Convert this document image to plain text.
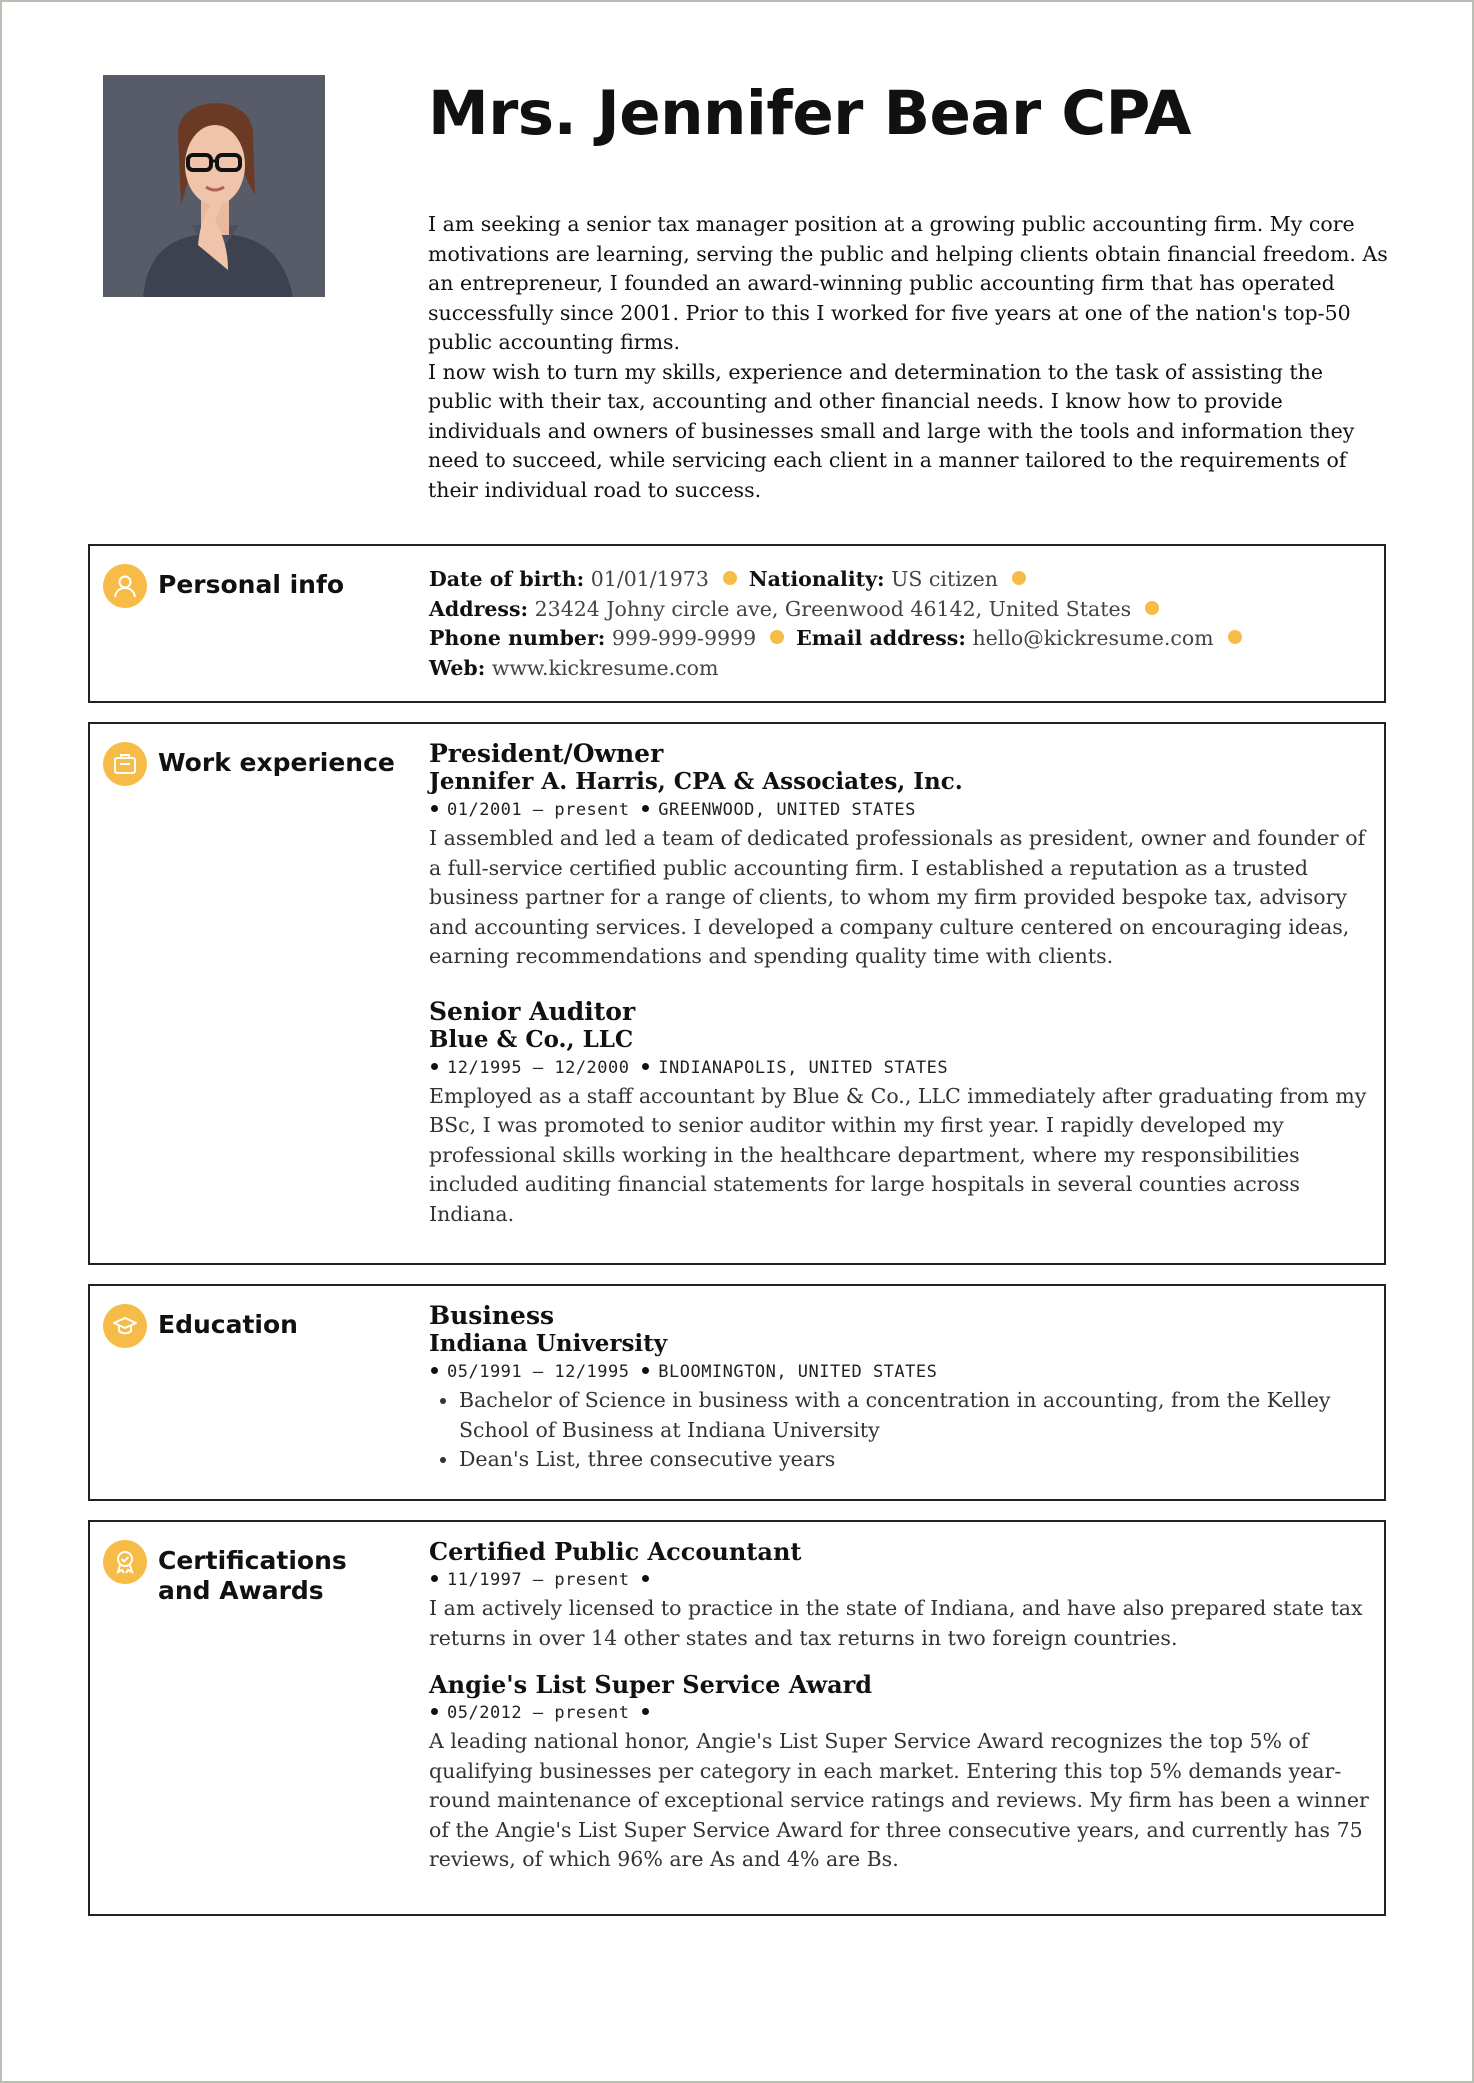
Mrs. Jennifer Bear CPA

I am seeking a senior tax manager position at a growing public accounting firm. My core motivations are learning, serving the public and helping clients obtain financial freedom. As an entrepreneur, I founded an award-winning public accounting firm that has operated successfully since 2001. Prior to this I worked for five years at one of the nation's top-50 public accounting firms.

I now wish to turn my skills, experience and determination to the task of assisting the public with their tax, accounting and other financial needs. I know how to provide individuals and owners of businesses small and large with the tools and information they need to succeed, while servicing each client in a manner tailored to the requirements of their individual road to success.

Personal info	Date of birth: 01/01/1973 Nationality: US citizen
Address: 23424 Johny circle ave, Greenwood 46142, United States
Phone number: 999-999-9999 Email address: hello@kickresume.com
Web: www.kickresume.com
Work experience President/Owner
Jennifer A. Harris, CPA & Associates, Inc.
01/2001 — present GREENWOOD, UNITED STATES
I assembled and led a team of dedicated professionals as president, owner and founder of a full-service certified public accounting firm. I established a reputation as a trusted business partner for a range of clients, to whom my firm provided bespoke tax, advisory and accounting services. I developed a company culture centered on encouraging ideas, earning recommendations and spending quality time with clients.
Senior Auditor
Blue & Co., LLC
12/1995 — 12/2000 INDIANAPOLIS, UNITED STATES
Employed as a staff accountant by Blue & Co., LLC immediately after graduating from my BSc, I was promoted to senior auditor within my first year. I rapidly developed my professional skills working in the healthcare department, where my responsibilities included auditing financial statements for large hospitals in several counties across Indiana.
Education	Business
Indiana University
05/1991 — 12/1995 BLOOMINGTON, UNITED STATES
• Bachelor of Science in business with a concentration in accounting, from the Kelley School of Business at Indiana University
• Dean's List, three consecutive years
Certifications and Awards
Certified Public Accountant
11/1997 — present
I am actively licensed to practice in the state of Indiana, and have also prepared state tax returns in over 14 other states and tax returns in two foreign countries.
Angie's List Super Service Award
05/2012 — present
A leading national honor, Angie's List Super Service Award recognizes the top 5% of qualifying businesses per category in each market. Entering this top 5% demands year-round maintenance of exceptional service ratings and reviews. My firm has been a winner of the Angie's List Super Service Award for three consecutive years, and currently has 75 reviews, of which 96% are As and 4% are Bs.
